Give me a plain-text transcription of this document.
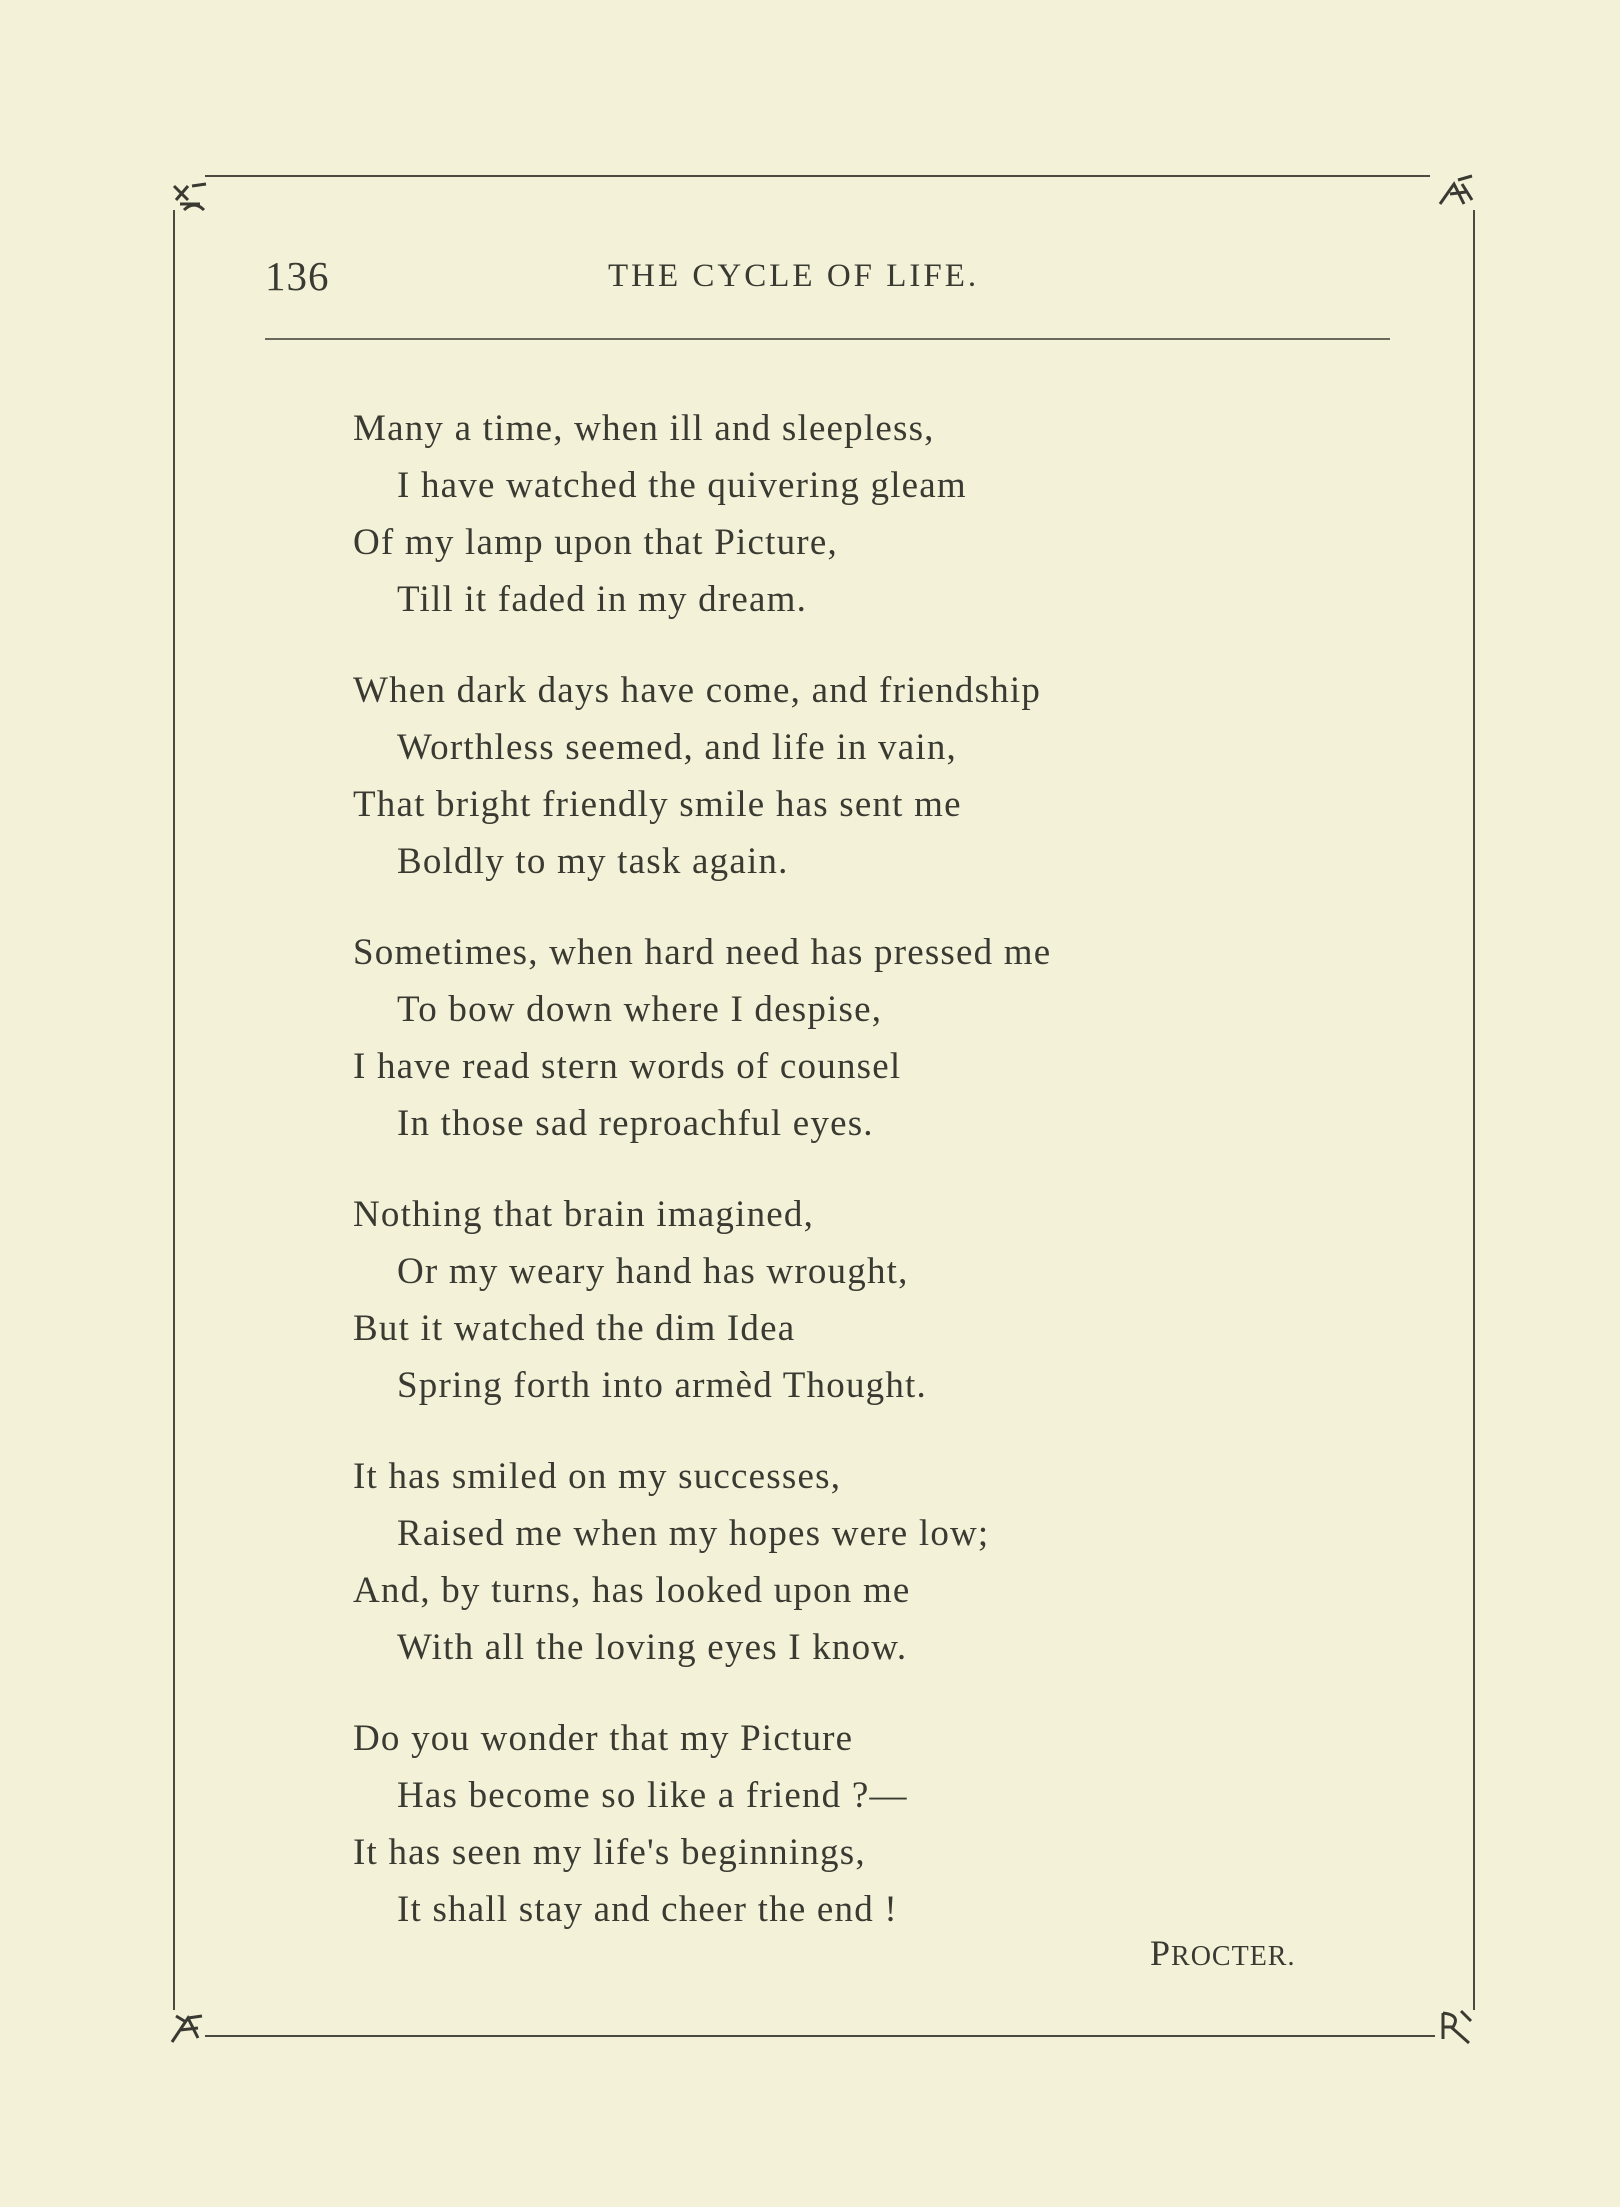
136	THE CYCLE OF LIFE.
Many a time, when ill and sleepless,
I have watched the quivering gleam
Of my lamp upon that Picture,
Till it faded in my dream.
When dark days have come, and friendship
Worthless seemed, and life in vain,
That bright friendly smile has sent me
Boldly to my task again.
Sometimes, when hard need has pressed me
To bow down where I despise,
I have read stern words of counsel
In those sad reproachful eyes.
Nothing that brain imagined,
Or my weary hand has wrought,
But it watched the dim Idea
Spring forth into armèd Thought.
It has smiled on my successes,
Raised me when my hopes were low;
And, by turns, has looked upon me
With all the loving eyes I know.
Do you wonder that my Picture
Has become so like a friend ?—
It has seen my life's beginnings,
It shall stay and cheer the end !
PROCTER.
